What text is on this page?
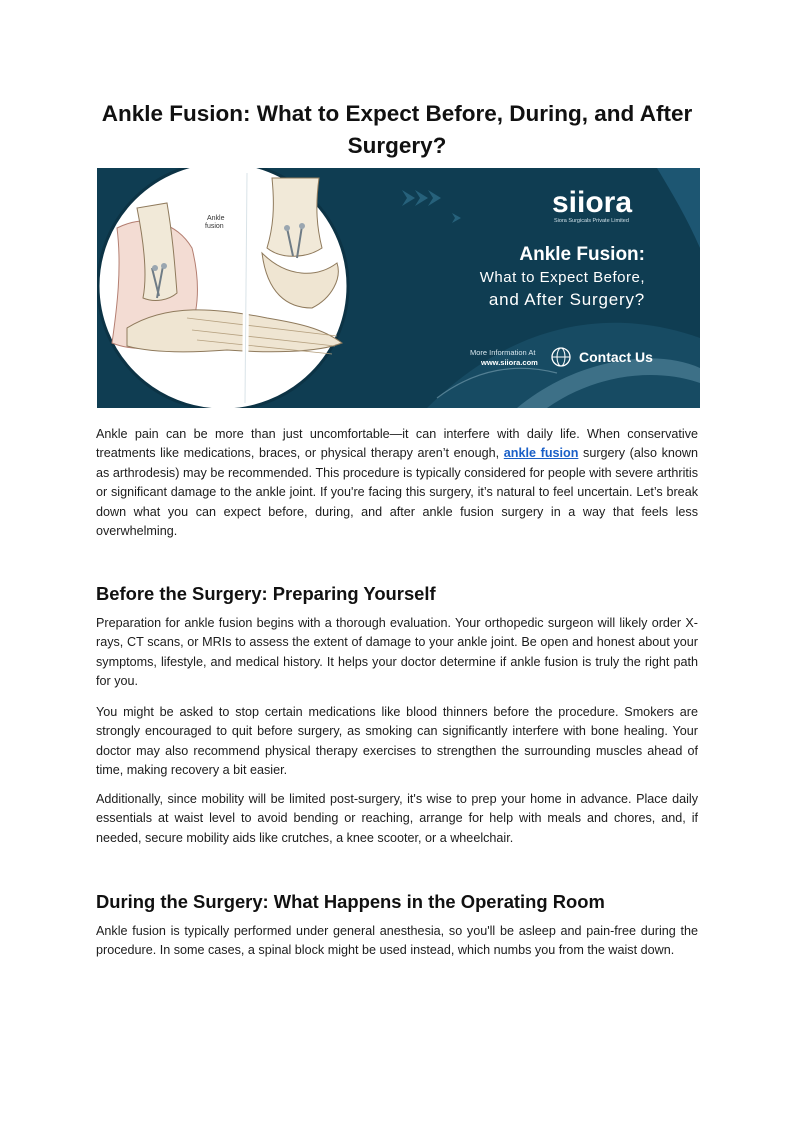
Ankle Fusion: What to Expect Before, During, and After Surgery?
Ankle
fusion
siiora
Siora Surgicals Private Limited
Ankle Fusion:
What to Expect Before,
and After Surgery?
More Information At
www.siiora.com	Contact Us

Ankle pain can be more than just uncomfortable—it can interfere with daily life. When conservative treatments like medications, braces, or physical therapy aren’t enough, ankle fusion surgery (also known as arthrodesis) may be recommended. This procedure is typically considered for people with severe arthritis or significant damage to the ankle joint. If you're facing this surgery, it’s natural to feel uncertain. Let’s break down what you can expect before, during, and after ankle fusion surgery in a way that feels less overwhelming.

Before the Surgery: Preparing Yourself

Preparation for ankle fusion begins with a thorough evaluation. Your orthopedic surgeon will likely order X-rays, CT scans, or MRIs to assess the extent of damage to your ankle joint. Be open and honest about your symptoms, lifestyle, and medical history. It helps your doctor determine if ankle fusion is truly the right path for you.

You might be asked to stop certain medications like blood thinners before the procedure. Smokers are strongly encouraged to quit before surgery, as smoking can significantly interfere with bone healing. Your doctor may also recommend physical therapy exercises to strengthen the surrounding muscles ahead of time, making recovery a bit easier.

Additionally, since mobility will be limited post-surgery, it's wise to prep your home in advance. Place daily essentials at waist level to avoid bending or reaching, arrange for help with meals and chores, and, if needed, secure mobility aids like crutches, a knee scooter, or a wheelchair.

During the Surgery: What Happens in the Operating Room

Ankle fusion is typically performed under general anesthesia, so you'll be asleep and pain-free during the procedure. In some cases, a spinal block might be used instead, which numbs you from the waist down.
